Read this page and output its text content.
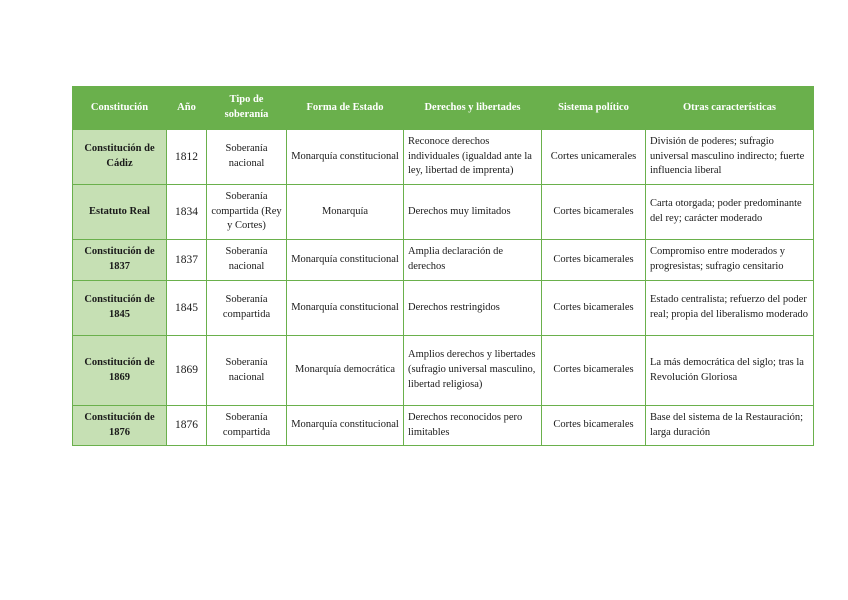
Constitución	Año	Tipo de soberanía	Forma de Estado	Derechos y libertades	Sistema político	Otras características
Constitución de Cádiz	1812	Soberanía nacional	Monarquía constitucional	Reconoce derechos individuales (igualdad ante la ley, libertad de imprenta)	Cortes unicamerales	División de poderes; sufragio universal masculino indirecto; fuerte influencia liberal
Estatuto Real	1834	Soberanía compartida (Rey y Cortes)	Monarquía	Derechos muy limitados	Cortes bicamerales	Carta otorgada; poder predominante del rey; carácter moderado
Constitución de 1837	1837	Soberanía nacional	Monarquía constitucional	Amplia declaración de derechos	Cortes bicamerales	Compromiso entre moderados y progresistas; sufragio censitario
Constitución de 1845	1845	Soberanía compartida	Monarquía constitucional	Derechos restringidos	Cortes bicamerales	Estado centralista; refuerzo del poder real; propia del liberalismo moderado
Constitución de 1869	1869	Soberanía nacional	Monarquía democrática	Amplios derechos y libertades (sufragio universal masculino, libertad religiosa)	Cortes bicamerales	La más democrática del siglo; tras la Revolución Gloriosa
Constitución de 1876	1876	Soberanía compartida	Monarquía constitucional	Derechos reconocidos pero limitables	Cortes bicamerales	Base del sistema de la Restauración; larga duración
